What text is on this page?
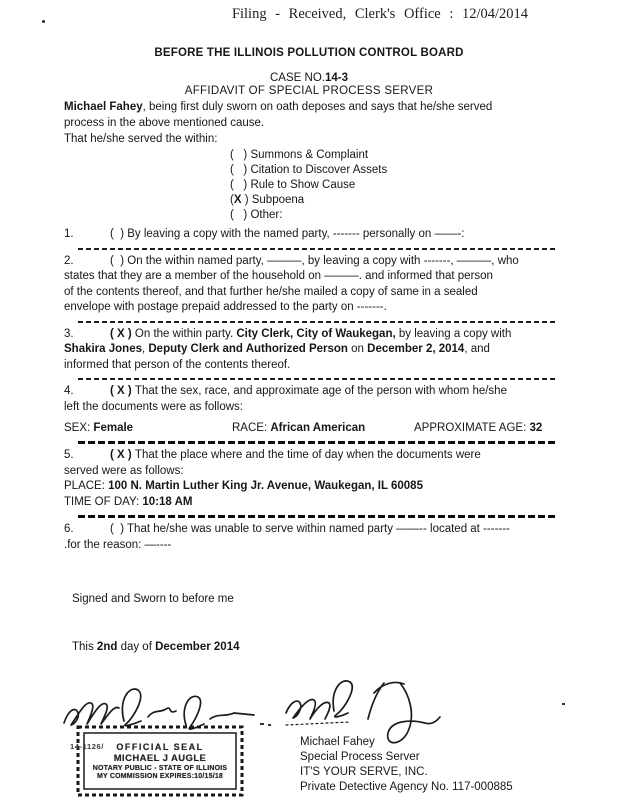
Filing - Received, Clerk's Office : 12/04/2014
BEFORE THE ILLINOIS POLLUTION CONTROL BOARD
CASE NO.14-3
AFFIDAVIT OF SPECIAL PROCESS SERVER
Michael Fahey, being first duly sworn on oath deposes and says that he/she served
process in the above mentioned cause.
That he/she served the within:
(   ) Summons & Complaint
(   ) Citation to Discover Assets
(   ) Rule to Show Cause
(X ) Subpoena
(   ) Other:
1.	(  ) By leaving a copy with the named party, ------- personally on ——-:
2.	(  ) On the within named party, ———, by leaving a copy with -------, ———, who
states that they are a member of the household on ———. and informed that person
of the contents thereof, and that further he/she mailed a copy of same in a sealed
envelope with postage prepaid addressed to the party on -------.
3.	( X ) On the within party. City Clerk, City of Waukegan, by leaving a copy with
Shakira Jones, Deputy Clerk and Authorized Person on December 2, 2014, and
informed that person of the contents thereof.
4.	( X ) That the sex, race, and approximate age of the person with whom he/she
left the documents were as follows:
SEX: Female	RACE: African American	APPROXIMATE AGE: 32
5.	( X ) That the place where and the time of day when the documents were
served were as follows:
PLACE: 100 N. Martin Luther King Jr. Avenue, Waukegan, IL 60085
TIME OF DAY: 10:18 AM
6.	(  ) That he/she was unable to serve within named party ——-- located at -------
.for the reason: —----

Signed and Sworn to before me

This 2nd day of December 2014

OFFICIAL SEAL
MICHAEL J AUGLE
NOTARY PUBLIC - STATE OF ILLINOIS
MY COMMISSION EXPIRES:10/15/18
Michael Fahey
Special Process Server
IT'S YOUR SERVE, INC.
Private Detective Agency No. 117-000885
14-1126/
